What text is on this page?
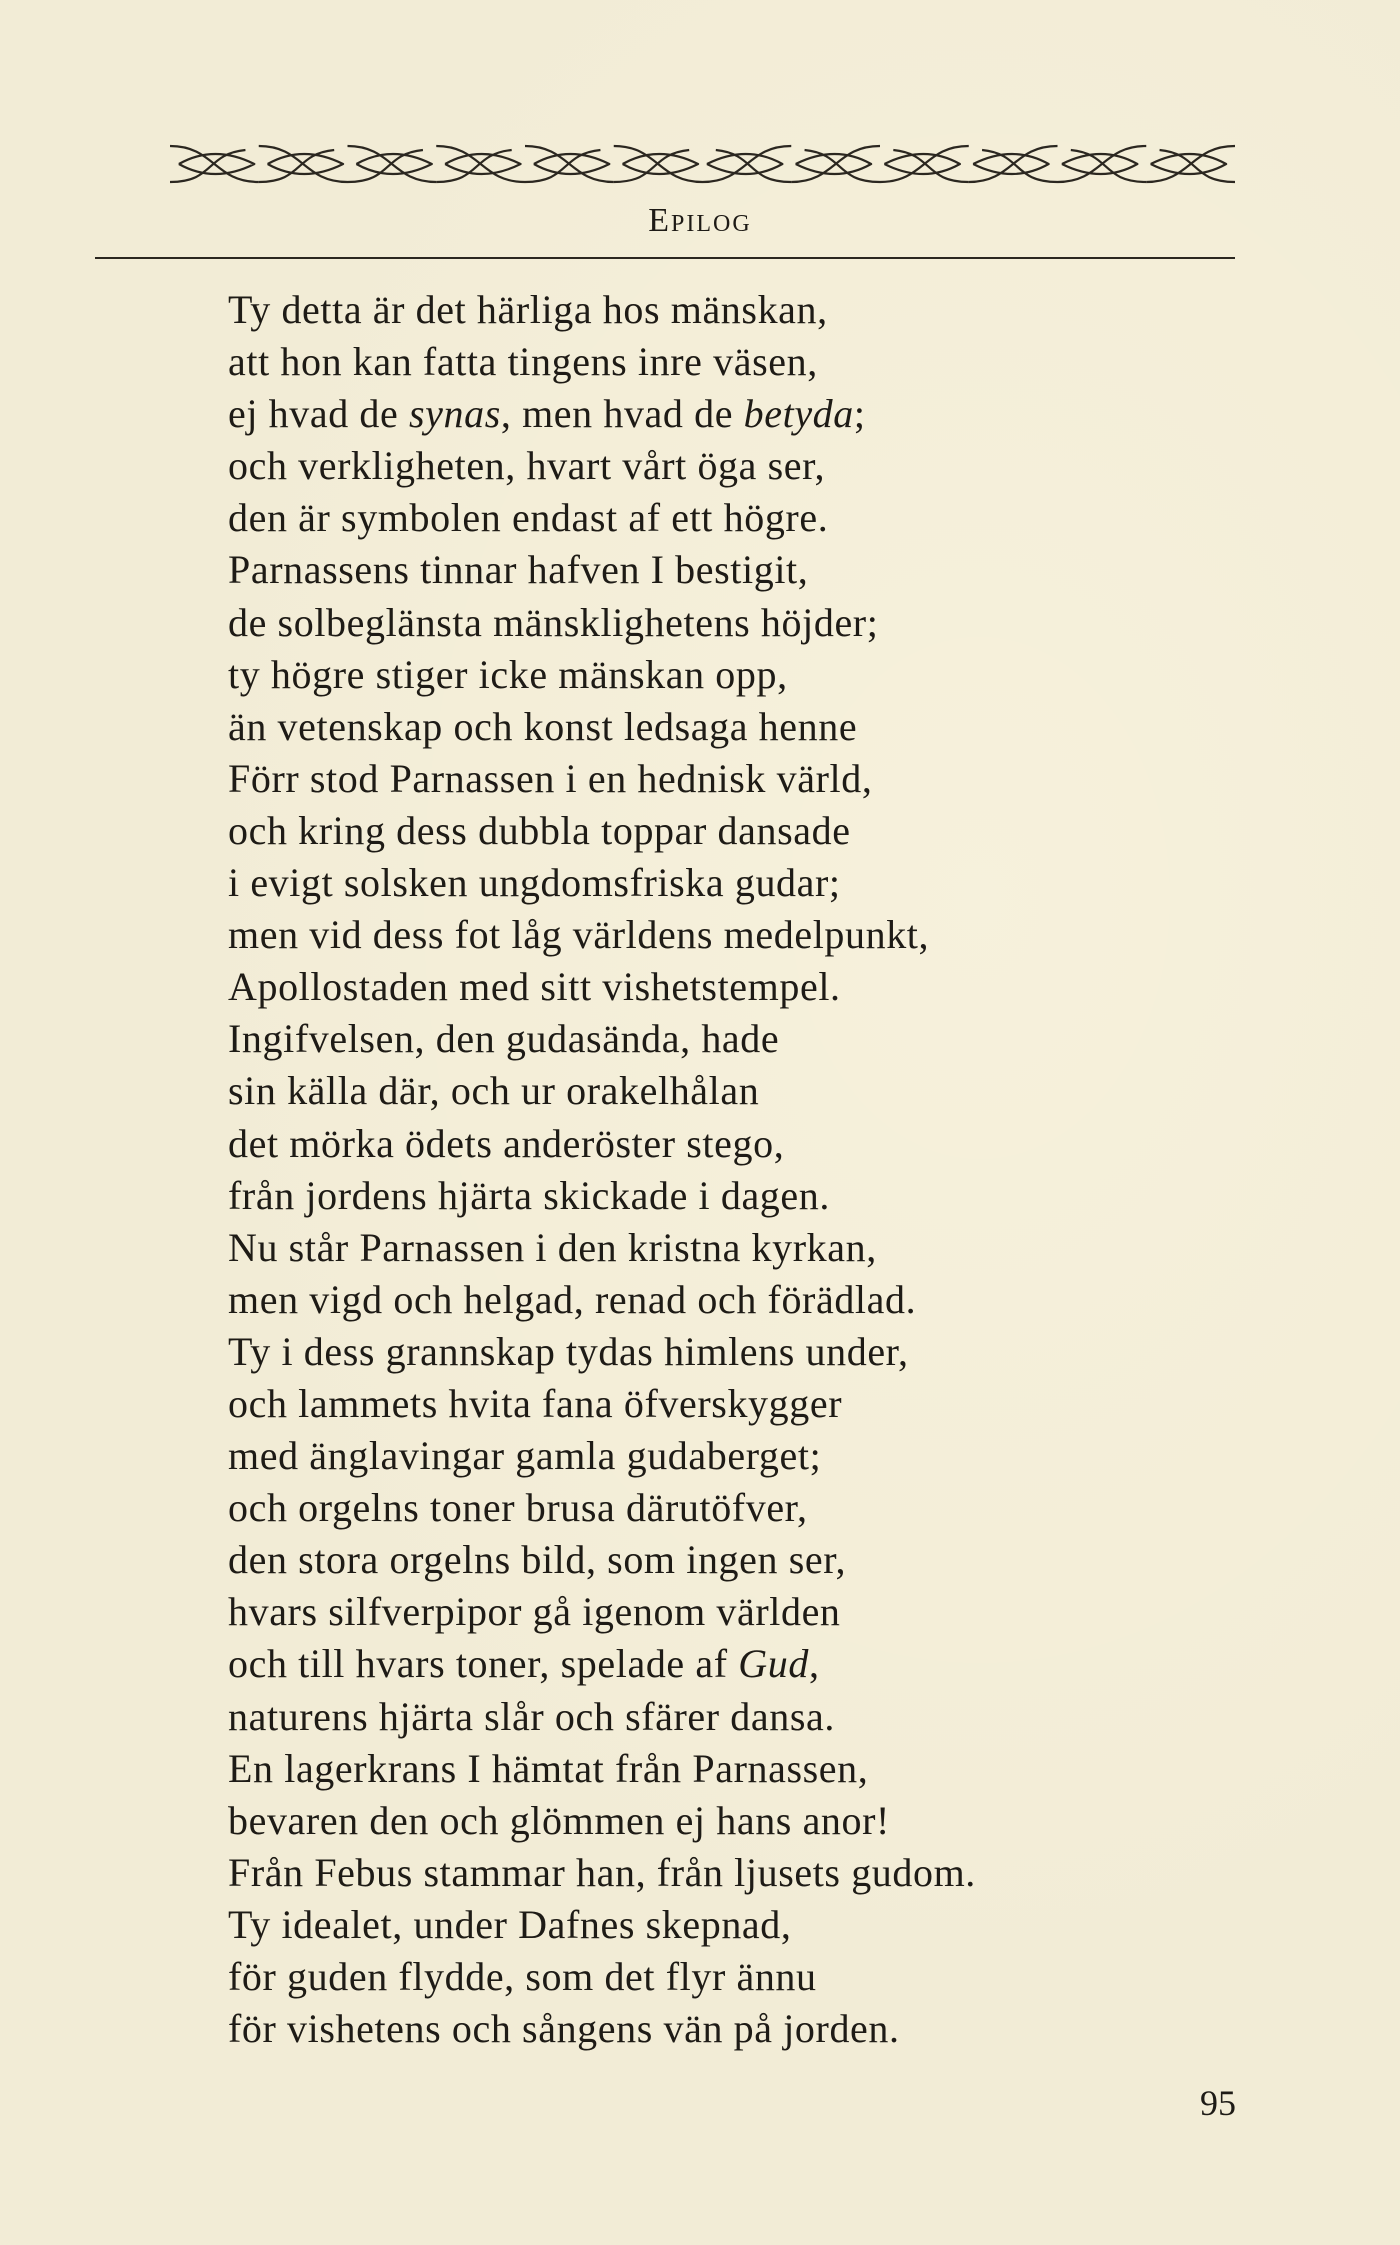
Epilog
Ty detta är det härliga hos mänskan,
att hon kan fatta tingens inre väsen,
ej hvad de synas, men hvad de betyda;
och verkligheten, hvart vårt öga ser,
den är symbolen endast af ett högre.
Parnassens tinnar hafven I bestigit,
de solbeglänsta mänsklighetens höjder;
ty högre stiger icke mänskan opp,
än vetenskap och konst ledsaga henne
Förr stod Parnassen i en hednisk värld,
och kring dess dubbla toppar dansade
i evigt solsken ungdomsfriska gudar;
men vid dess fot låg världens medelpunkt,
Apollostaden med sitt vishetstempel.
Ingifvelsen, den gudasända, hade
sin källa där, och ur orakelhålan
det mörka ödets anderöster stego,
från jordens hjärta skickade i dagen.
Nu står Parnassen i den kristna kyrkan,
men vigd och helgad, renad och förädlad.
Ty i dess grannskap tydas himlens under,
och lammets hvita fana öfverskygger
med änglavingar gamla gudaberget;
och orgelns toner brusa därutöfver,
den stora orgelns bild, som ingen ser,
hvars silfverpipor gå igenom världen
och till hvars toner, spelade af Gud,
naturens hjärta slår och sfärer dansa.
En lagerkrans I hämtat från Parnassen,
bevaren den och glömmen ej hans anor!
Från Febus stammar han, från ljusets gudom.
Ty idealet, under Dafnes skepnad,
för guden flydde, som det flyr ännu
för vishetens och sångens vän på jorden.
95
